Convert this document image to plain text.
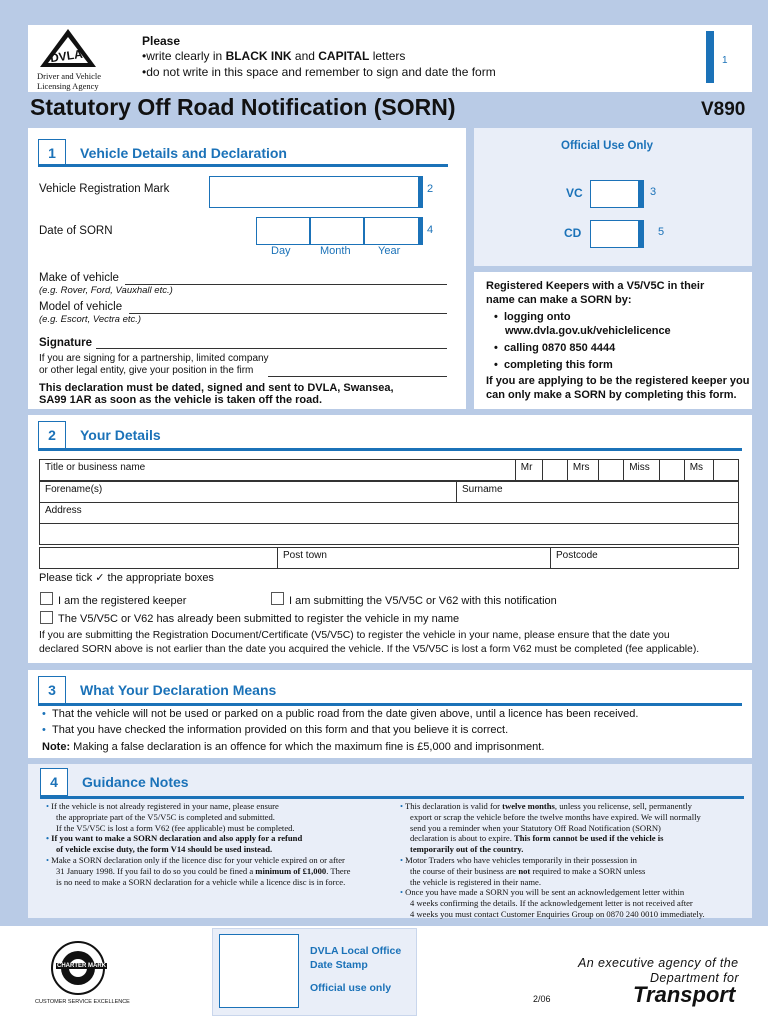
DVLA
Driver and Vehicle
Licensing Agency
Please
•write clearly in BLACK INK and CAPITAL letters
•do not write in this space and remember to sign and date the form
1
Statutory Off Road Notification (SORN)	V890
1	Vehicle Details and Declaration
Vehicle Registration Mark	2
Date of SORN	4
Day	Month Year
Make of vehicle
(e.g. Rover, Ford, Vauxhall etc.)
Model of vehicle
(e.g. Escort, Vectra etc.)
Signature
If you are signing for a partnership, limited company
or other legal entity, give your position in the firm
This declaration must be dated, signed and sent to DVLA, Swansea,
SA99 1AR as soon as the vehicle is taken off the road.
Official Use Only
VC	3
CD	5
Registered Keepers with a V5/V5C in their
name can make a SORN by:
•  logging onto
www.dvla.gov.uk/vehiclelicence
•  calling 0870 850 4444
•  completing this form
If you are applying to be the registered keeper you
can only make a SORN by completing this form.
2	Your Details
Title or business name	Mr		Mrs		Miss		Ms	
Forename(s)	Surname
Address

	Post town	Postcode
Please tick ✓ the appropriate boxes
I am the registered keeper	I am submitting the V5/V5C or V62 with this notification
The V5/V5C or V62 has already been submitted to register the vehicle in my name
If you are submitting the Registration Document/Certificate (V5/V5C) to register the vehicle in your name, please ensure that the date you
declared SORN above is not earlier than the date you acquired the vehicle. If the V5/V5C is lost a form V62 must be completed (fee applicable).
3	What Your Declaration Means
• That the vehicle will not be used or parked on a public road from the date given above, until a licence has been received.
• That you have checked the information provided on this form and that you believe it is correct.
Note: Making a false declaration is an offence for which the maximum fine is £5,000 and imprisonment.
4	Guidance Notes
• If the vehicle is not already registered in your name, please ensure
the appropriate part of the V5/V5C is completed and submitted.
If the V5/V5C is lost a form V62 (fee applicable) must be completed.
• If you want to make a SORN declaration and also apply for a refund
of vehicle excise duty, the form V14 should be used instead.
• Make a SORN declaration only if the licence disc for your vehicle expired on or after
31 January 1998. If you fail to do so you could be fined a minimum of £1,000. There
is no need to make a SORN declaration for a vehicle while a licence disc is in force.
• This declaration is valid for twelve months, unless you relicense, sell, permanently
export or scrap the vehicle before the twelve months have expired. We will normally
send you a reminder when your Statutory Off Road Notification (SORN)
declaration is about to expire. This form cannot be used if the vehicle is
temporarily out of the country.
• Motor Traders who have vehicles temporarily in their possession in
the course of their business are not required to make a SORN unless
the vehicle is registered in their name.
• Once you have made a SORN you will be sent an acknowledgement letter within
4 weeks confirming the details. If the acknowledgement letter is not received after
4 weeks you must contact Customer Enquiries Group on 0870 240 0010 immediately.
CHARTER MARK
CUSTOMER SERVICE EXCELLENCE
DVLA Local Office
Date Stamp
Official use only
2/06
An executive agency of the
Department for
Transport
